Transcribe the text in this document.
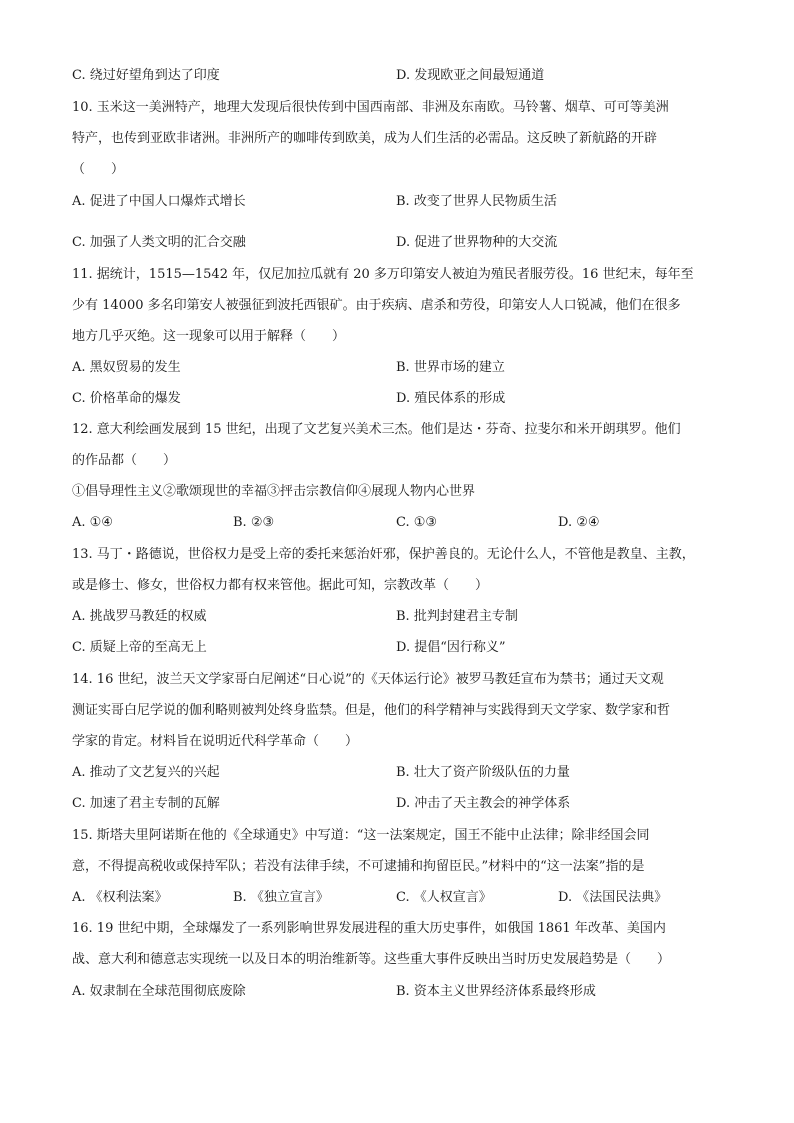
C. 绕过好望角到达了印度	D. 发现欧亚之间最短通道
10. 玉米这一美洲特产，地理大发现后很快传到中国西南部、非洲及东南欧。马铃薯、烟草、可可等美洲
特产，也传到亚欧非诸洲。非洲所产的咖啡传到欧美，成为人们生活的必需品。这反映了新航路的开辟
（　　）
A. 促进了中国人口爆炸式增长	B. 改变了世界人民物质生活
C. 加强了人类文明的汇合交融	D. 促进了世界物种的大交流
11. 据统计，1515—1542 年，仅尼加拉瓜就有 20 多万印第安人被迫为殖民者服劳役。16 世纪末，每年至
少有 14000 多名印第安人被强征到波托西银矿。由于疾病、虐杀和劳役，印第安人人口锐减，他们在很多
地方几乎灭绝。这一现象可以用于解释（　　）
A. 黑奴贸易的发生	B. 世界市场的建立
C. 价格革命的爆发	D. 殖民体系的形成
12. 意大利绘画发展到 15 世纪，出现了文艺复兴美术三杰。他们是达・芬奇、拉斐尔和米开朗琪罗。他们
的作品都（　　）
①倡导理性主义②歌颂现世的幸福③抨击宗教信仰④展现人物内心世界
A. ①④	B. ②③	C. ①③	D. ②④
13. 马丁・路德说，世俗权力是受上帝的委托来惩治奸邪，保护善良的。无论什么人，不管他是教皇、主教，
或是修士、修女，世俗权力都有权来管他。据此可知，宗教改革（　　）
A. 挑战罗马教廷的权威	B. 批判封建君主专制
C. 质疑上帝的至高无上	D. 提倡“因行称义”
14. 16 世纪，波兰天文学家哥白尼阐述“日心说”的《天体运行论》被罗马教廷宣布为禁书；通过天文观
测证实哥白尼学说的伽利略则被判处终身监禁。但是，他们的科学精神与实践得到天文学家、数学家和哲
学家的肯定。材料旨在说明近代科学革命（　　）
A. 推动了文艺复兴的兴起	B. 壮大了资产阶级队伍的力量
C. 加速了君主专制的瓦解	D. 冲击了天主教会的神学体系
15. 斯塔夫里阿诺斯在他的《全球通史》中写道：“这一法案规定，国王不能中止法律；除非经国会同
意，不得提高税收或保持军队；若没有法律手续，不可逮捕和拘留臣民。”材料中的“这一法案”指的是
A. 《权利法案》	B. 《独立宣言》	C. 《人权宣言》	D. 《法国民法典》
16. 19 世纪中期，全球爆发了一系列影响世界发展进程的重大历史事件，如俄国 1861 年改革、美国内
战、意大利和德意志实现统一以及日本的明治维新等。这些重大事件反映出当时历史发展趋势是（　　）
A. 奴隶制在全球范围彻底废除	B. 资本主义世界经济体系最终形成
